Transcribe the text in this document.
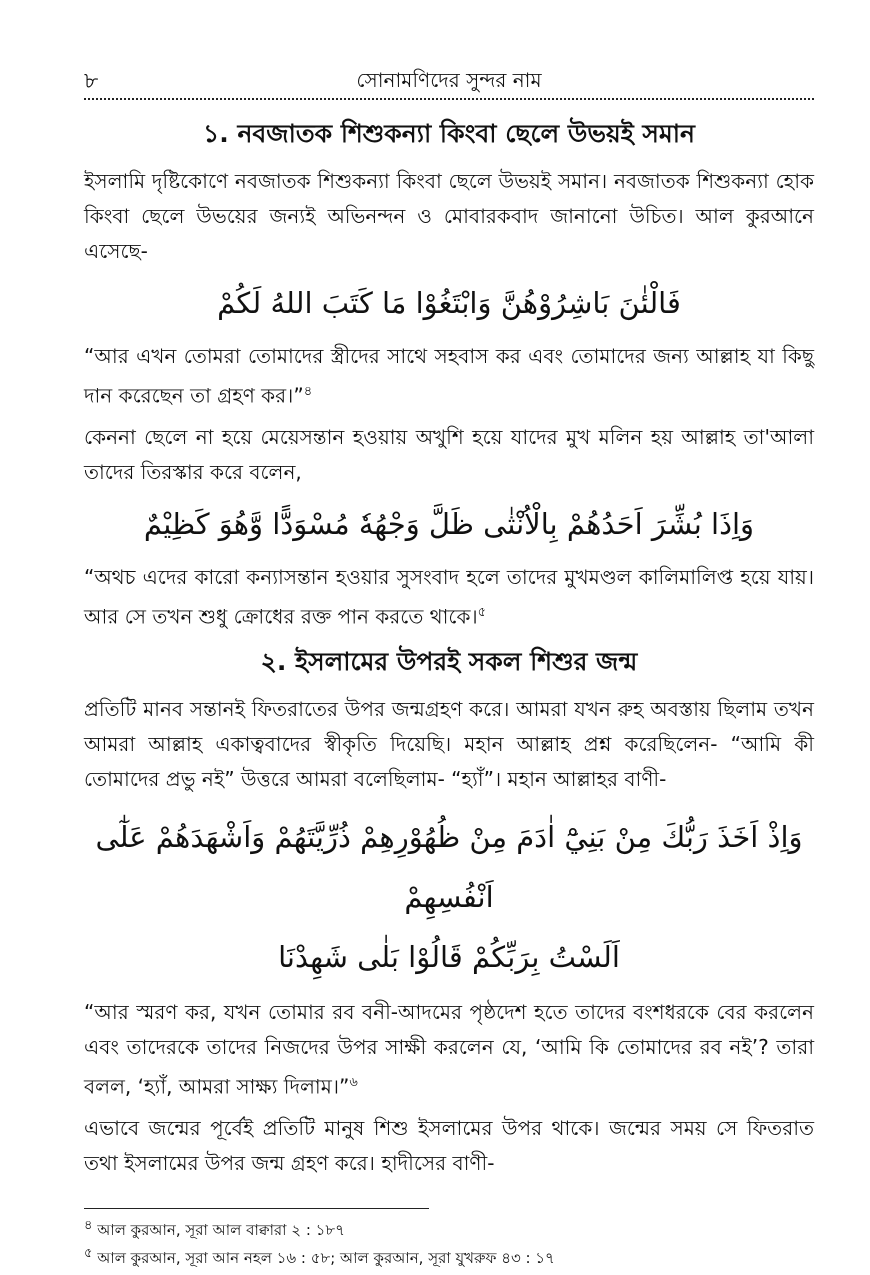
৮	সোনামণিদের সুন্দর নাম
১. নবজাতক শিশুকন্যা কিংবা ছেলে উভয়ই সমান

ইসলামি দৃষ্টিকোণে নবজাতক শিশুকন্যা কিংবা ছেলে উভয়ই সমান। নবজাতক শিশুকন্যা হোক কিংবা ছেলে উভয়ের জন্যই অভিনন্দন ও মোবারকবাদ জানানো উচিত। আল কুরআনে এসেছে-

فَالْئٰنَ بَاشِرُوْهُنَّ وَابْتَغُوْا مَا كَتَبَ اللهُ لَكُمْ

“আর এখন তোমরা তোমাদের স্ত্রীদের সাথে সহবাস কর এবং তোমাদের জন্য আল্লাহ যা কিছু দান করেছেন তা গ্রহণ কর।”$^৪$

কেননা ছেলে না হয়ে মেয়েসন্তান হওয়ায় অখুশি হয়ে যাদের মুখ মলিন হয় আল্লাহ তা'আলা তাদের তিরস্কার করে বলেন,

وَاِذَا بُشِّرَ اَحَدُهُمْ بِالْاُنْثٰى ظَلَّ وَجْهُهٗ مُسْوَدًّا وَّهُوَ كَظِيْمٌ

“অথচ এদের কারো কন্যাসন্তান হওয়ার সুসংবাদ হলে তাদের মুখমণ্ডল কালিমালিপ্ত হয়ে যায়। আর সে তখন শুধু ক্রোধের রক্ত পান করতে থাকে।$^৫$

২. ইসলামের উপরই সকল শিশুর জন্ম

প্রতিটি মানব সন্তানই ফিতরাতের উপর জন্মগ্রহণ করে। আমরা যখন রুহ অবস্তায় ছিলাম তখন আমরা আল্লাহ একাত্ববাদের স্বীকৃতি দিয়েছি। মহান আল্লাহ প্রশ্ন করেছিলেন- “আমি কী তোমাদের প্রভু নই” উত্তরে আমরা বলেছিলাম- “হ্যাঁ”। মহান আল্লাহর বাণী-

وَاِذْ اَخَذَ رَبُّكَ مِنْ بَنِيْٓ اٰدَمَ مِنْ ظُهُوْرِهِمْ ذُرِّيَّتَهُمْ وَاَشْهَدَهُمْ عَلٰٓى اَنْفُسِهِمْ
اَلَسْتُ بِرَبِّكُمْ قَالُوْا بَلٰى شَهِدْنَا

“আর স্মরণ কর, যখন তোমার রব বনী-আদমের পৃষ্ঠদেশ হতে তাদের বংশধরকে বের করলেন এবং তাদেরকে তাদের নিজদের উপর সাক্ষী করলেন যে, ‘আমি কি তোমাদের রব নই’? তারা বলল, ‘হ্যাঁ, আমরা সাক্ষ্য দিলাম।”$^৬$

এভাবে জন্মের পূর্বেই প্রতিটি মানুষ শিশু ইসলামের উপর থাকে। জন্মের সময় সে ফিতরাত তথা ইসলামের উপর জন্ম গ্রহণ করে। হাদীসের বাণী-

$^৪$ আল কুরআন, সূরা আল বাক্বারা ২ : ১৮৭
$^৫$ আল কুরআন, সূরা আন নহল ১৬ : ৫৮; আল কুরআন, সূরা যুখরুফ ৪৩ : ১৭
